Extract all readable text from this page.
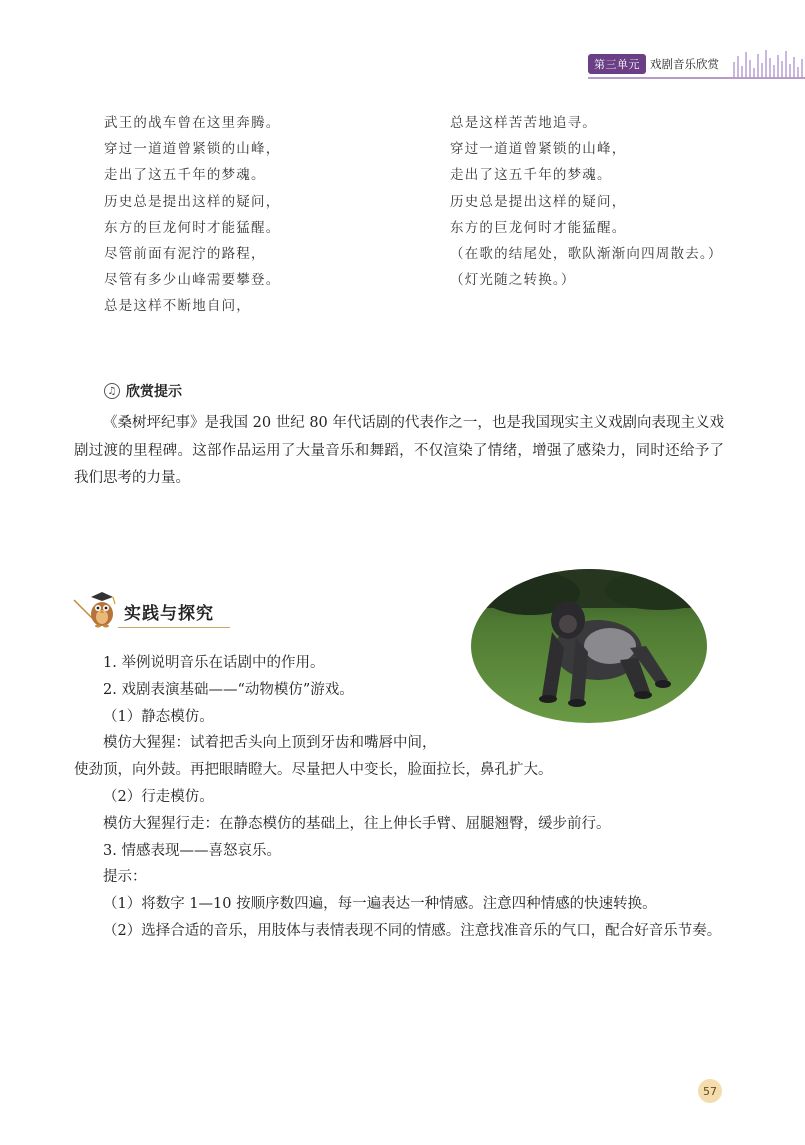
第三单元 戏剧音乐欣赏
武王的战车曾在这里奔腾。
穿过一道道曾紧锁的山峰，
走出了这五千年的梦魂。
历史总是提出这样的疑问，
东方的巨龙何时才能猛醒。
尽管前面有泥泞的路程，
尽管有多少山峰需要攀登。
总是这样不断地自问，
总是这样苦苦地追寻。
穿过一道道曾紧锁的山峰，
走出了这五千年的梦魂。
历史总是提出这样的疑问，
东方的巨龙何时才能猛醒。
（在歌的结尾处，歌队渐渐向四周散去。）
（灯光随之转换。）
♫ 欣赏提示
《桑树坪纪事》是我国 20 世纪 80 年代话剧的代表作之一，也是我国现实主义戏剧向表现主义戏剧过渡的里程碑。这部作品运用了大量音乐和舞蹈，不仅渲染了情绪，增强了感染力，同时还给予了我们思考的力量。
实践与探究
1. 举例说明音乐在话剧中的作用。
2. 戏剧表演基础——“动物模仿”游戏。
（1）静态模仿。
模仿大猩猩：试着把舌头向上顶到牙齿和嘴唇中间，
使劲顶，向外鼓。再把眼睛瞪大。尽量把人中变长，脸面拉长，鼻孔扩大。
（2）行走模仿。
模仿大猩猩行走：在静态模仿的基础上，往上伸长手臂、屈腿翘臀，缓步前行。
3. 情感表现——喜怒哀乐。
提示：
（1）将数字 1—10 按顺序数四遍，每一遍表达一种情感。注意四种情感的快速转换。
（2）选择合适的音乐，用肢体与表情表现不同的情感。注意找准音乐的气口，配合好音乐节奏。
57
